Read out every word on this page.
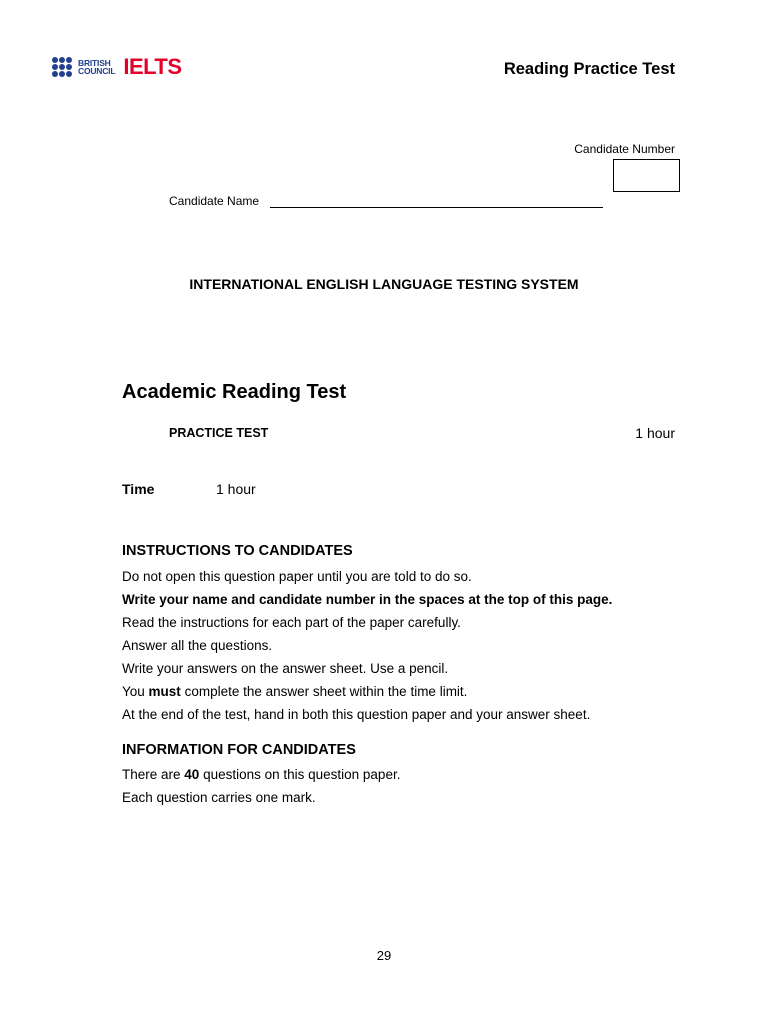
BRITISH
COUNCIL IELTS	Reading Practice Test
Candidate Number
Candidate Name
INTERNATIONAL ENGLISH LANGUAGE TESTING SYSTEM
Academic Reading Test
PRACTICE TEST	1 hour
Time	1 hour
INSTRUCTIONS TO CANDIDATES
Do not open this question paper until you are told to do so.
Write your name and candidate number in the spaces at the top of this page.
Read the instructions for each part of the paper carefully.
Answer all the questions.
Write your answers on the answer sheet. Use a pencil.
You must complete the answer sheet within the time limit.
At the end of the test, hand in both this question paper and your answer sheet.
INFORMATION FOR CANDIDATES
There are 40 questions on this question paper.
Each question carries one mark.
29
